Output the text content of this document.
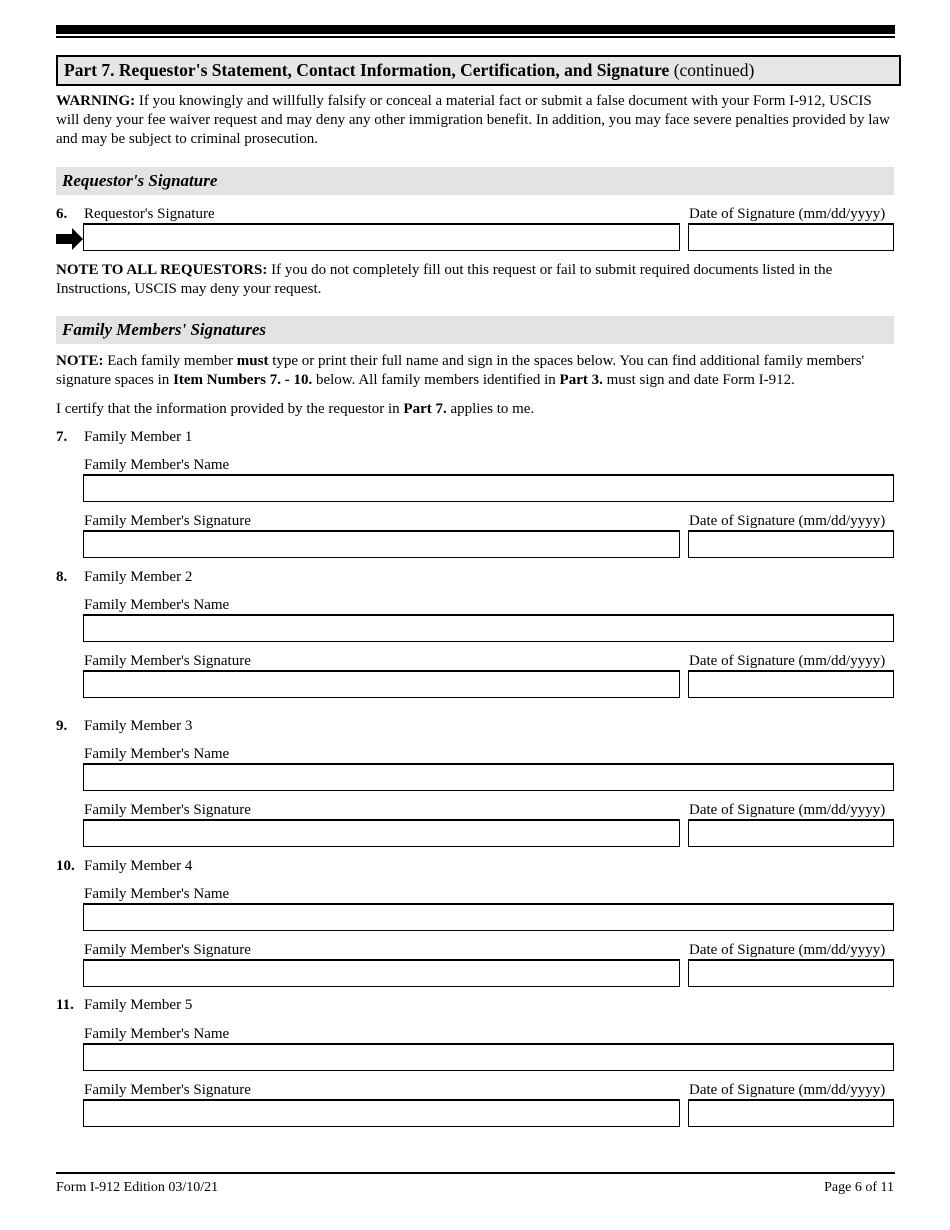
Part 7. Requestor's Statement, Contact Information, Certification, and Signature (continued)
WARNING: If you knowingly and willfully falsify or conceal a material fact or submit a false document with your Form I-912, USCIS will deny your fee waiver request and may deny any other immigration benefit. In addition, you may face severe penalties provided by law and may be subject to criminal prosecution.
Requestor's Signature
6. Requestor's Signature	Date of Signature (mm/dd/yyyy)
NOTE TO ALL REQUESTORS: If you do not completely fill out this request or fail to submit required documents listed in the Instructions, USCIS may deny your request.
Family Members' Signatures
NOTE: Each family member must type or print their full name and sign in the spaces below. You can find additional family members' signature spaces in Item Numbers 7. - 10. below. All family members identified in Part 3. must sign and date Form I-912.
I certify that the information provided by the requestor in Part 7. applies to me.
7. Family Member 1
Family Member's Name
Family Member's Signature	Date of Signature (mm/dd/yyyy)
8. Family Member 2
Family Member's Name
Family Member's Signature	Date of Signature (mm/dd/yyyy)
9. Family Member 3
Family Member's Name
Family Member's Signature	Date of Signature (mm/dd/yyyy)
10. Family Member 4
Family Member's Name
Family Member's Signature	Date of Signature (mm/dd/yyyy)
11. Family Member 5
Family Member's Name
Family Member's Signature	Date of Signature (mm/dd/yyyy)
Form I-912 Edition 03/10/21	Page 6 of 11
